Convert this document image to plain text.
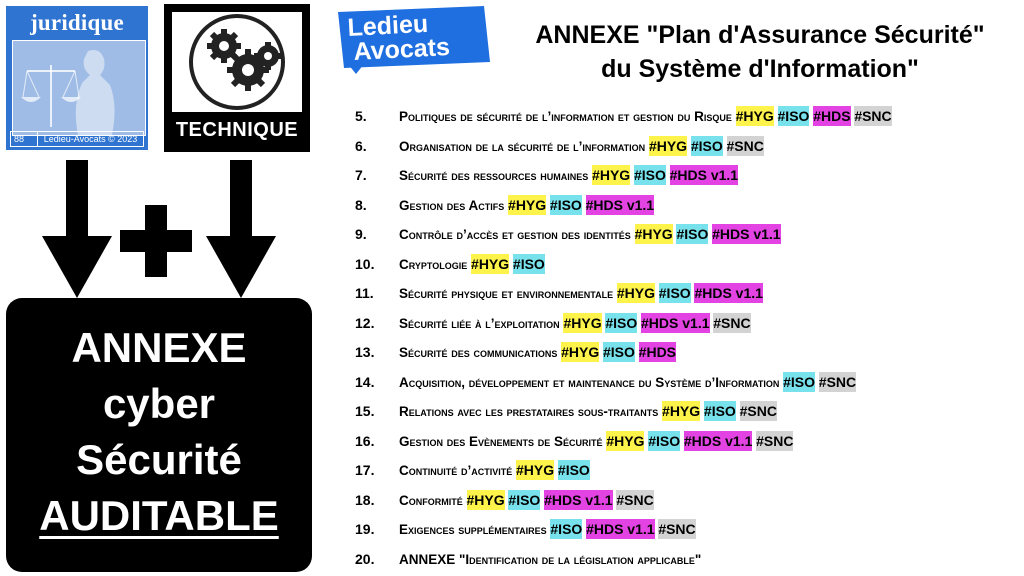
juridique
88	Ledieu-Avocats © 2023	TECHNIQUE
ANNEXE
cyber
Sécurité
AUDITABLE
Ledieu
Avocats	ANNEXE "Plan d'Assurance Sécurité"
du Système d'Information"
5. Politiques de sécurité de l’information et gestion du Risque #HYG #ISO #HDS #SNC
6. Organisation de la sécurité de l’information #HYG #ISO #SNC
7. Sécurité des ressources humaines #HYG #ISO #HDS v1.1
8. Gestion des Actifs #HYG #ISO #HDS v1.1
9. Contrôle d’accès et gestion des identités #HYG #ISO #HDS v1.1
10. Cryptologie #HYG #ISO
11. Sécurité physique et environnementale #HYG #ISO #HDS v1.1
12. Sécurité liée à l’exploitation #HYG #ISO #HDS v1.1 #SNC
13. Sécurité des communications #HYG #ISO #HDS
14. Acquisition, développement et maintenance du Système d’Information #ISO #SNC
15. Relations avec les prestataires sous-traitants #HYG #ISO #SNC
16. Gestion des Evènements de Sécurité #HYG #ISO #HDS v1.1 #SNC
17. Continuité d’activité #HYG #ISO
18. Conformité #HYG #ISO #HDS v1.1 #SNC
19. Exigences supplémentaires #ISO #HDS v1.1 #SNC
20. ANNEXE "Identification de la législation applicable"
